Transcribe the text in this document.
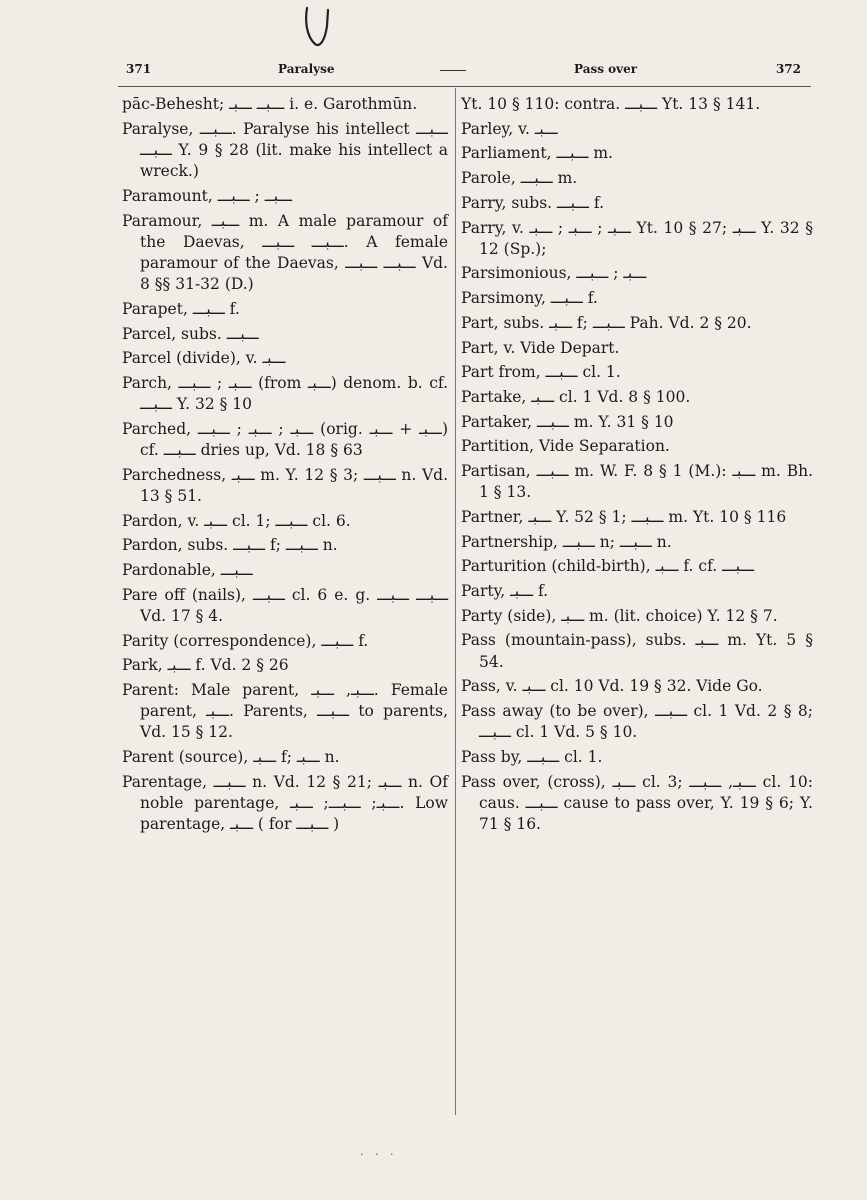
371	Paralyse	Pass over	372

pāc-Behesht; ـــبــ ـــبـ i. e. Garothmūn.

Paralyse, ـــبـــ. Paralyse his intellect ـــبـــ ـــبـــ Y. 9 § 28 (lit. make his intellect a wreck.)

Paramount, ـــبــ ; ـــبـــ

Paramour, ـــبــ m. A male paramour of the Daevas, ـــبـــ ـــبـــ. A female paramour of the Daevas, ـــبـــ ـــبـــ Vd. 8 §§ 31-32 (D.)

Parapet, ـــبـــ f.

Parcel, subs. ـــبـــ

Parcel (divide), v. ـــبـ

Parch, ـــبـ ; ـــبـــ (from ـــبـ) denom. b. cf. ـــبـــ Y. 32 § 10

Parched, ـــبـ ; ـــبـ ; ـــبـــ (orig. ـــبـ + ـــبـ) cf. ـــبـــ dries up, Vd. 18 § 63

Parchedness, ـــبـ m. Y. 12 § 3; ـــبـــ n. Vd. 13 § 51.

Pardon, v. ـــبـ cl. 1; ـــبـــ cl. 6.

Pardon, subs. ـــبـــ f; ـــبـــ n.

Pardonable, ـــبـــ

Pare off (nails), ـــبـــ cl. 6 e. g. ـــبـــ ـــبـــ Vd. 17 § 4.

Parity (correspondence), ـــبـــ f.

Park, ـــبـ f. Vd. 2 § 26

Parent: Male parent, ـــبـ, ـــبـ. Female parent, ـــبـ. Parents, ـــبـــ to parents, Vd. 15 § 12.

Parent (source), ـــبـ f; ـــبـ n.

Parentage, ـــبـــ n. Vd. 12 § 21; ـــبـ n. Of noble parentage, ـــبـ; ـــبـــ; ـــبـ. Low parentage, ـــبـ ( for ـــبـــ )

Yt. 10 § 110: contra. ـــبـــ Yt. 13 § 141.

Parley, v. ـــبـ

Parliament, ـــبـــ m.

Parole, ـــبـــ m.

Parry, subs. ـــبـــ f.

Parry, v. ـــبـ ; ـــبـ ; ـــبـ Yt. 10 § 27; ـــبـ Y. 32 § 12 (Sp.);

Parsimonious, ـــبـ ; ـــبـــ

Parsimony, ـــبـــ f.

Part, subs. ـــبـ f; ـــبـــ Pah. Vd. 2 § 20.

Part, v. Vide Depart.

Part from, ـــبـــ cl. 1.

Partake, ـــبـ cl. 1 Vd. 8 § 100.

Partaker, ـــبـــ m. Y. 31 § 10

Partition, Vide Separation.

Partisan, ـــبـــ m. W. F. 8 § 1 (M.): ـــبـ m. Bh. 1 § 13.

Partner, ـــبـ Y. 52 § 1; ـــبـــ m. Yt. 10 § 116

Partnership, ـــبـــ n; ـــبـــ n.

Parturition (child-birth), ـــبـ f. cf. ـــبـــ

Party, ـــبـ f.

Party (side), ـــبـ m. (lit. choice) Y. 12 § 7.

Pass (mountain-pass), subs. ـــبـ m. Yt. 5 § 54.

Pass, v. ـــبـ cl. 10 Vd. 19 § 32. Vide Go.

Pass away (to be over), ـــبـــ cl. 1 Vd. 2 § 8; ـــبـــ cl. 1 Vd. 5 § 10.

Pass by, ـــبـــ cl. 1.

Pass over, (cross), ـــبـ cl. 3; ـــبـ, ـــبـــ cl. 10: caus. ـــبـــ cause to pass over, Y. 19 § 6; Y. 71 § 16.

· · ·
